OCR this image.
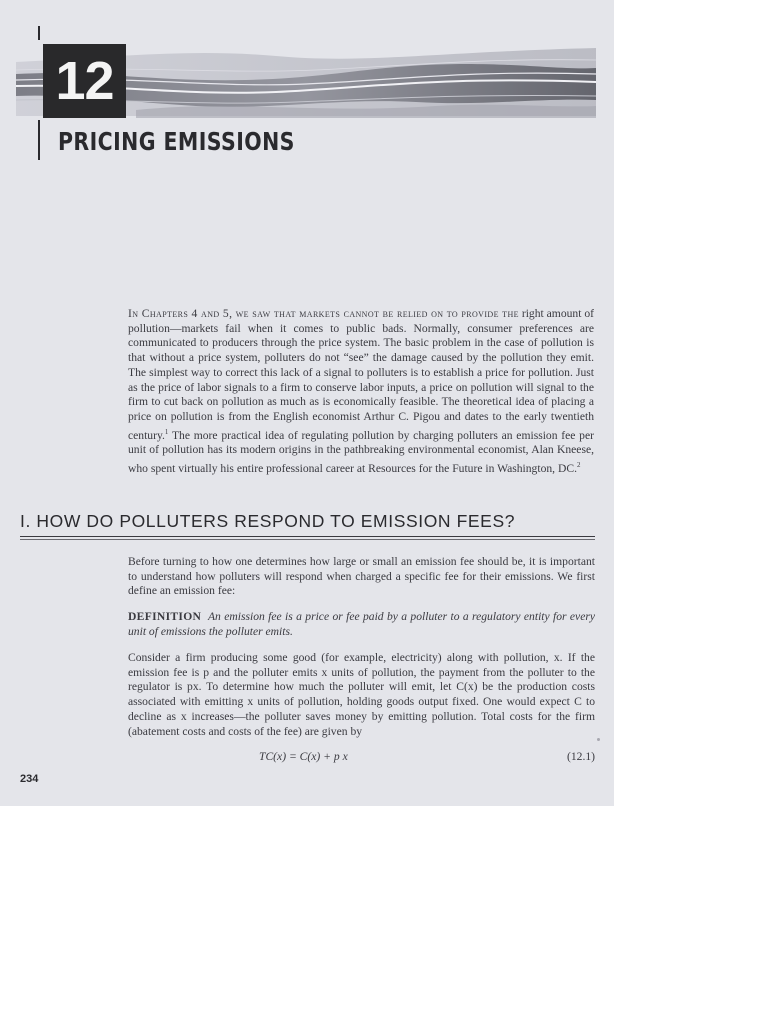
12
PRICING EMISSIONS

In Chapters 4 and 5, we saw that markets cannot be relied on to provide the right amount of pollution—markets fail when it comes to public bads. Normally, consumer preferences are communicated to producers through the price system. The basic problem in the case of pollution is that without a price system, polluters do not “see” the damage caused by the pollution they emit. The simplest way to correct this lack of a signal to polluters is to establish a price for pollution. Just as the price of labor signals to a firm to conserve labor inputs, a price on pollution will signal to the firm to cut back on pollution as much as is economically feasible. The theoretical idea of placing a price on pollution is from the English economist Arthur C. Pigou and dates to the early twentieth century.$^1$ The more practical idea of regulating pollution by charging polluters an emission fee per unit of pollution has its modern origins in the pathbreaking environmental economist, Alan Kneese, who spent virtually his entire professional career at Resources for the Future in Washington, DC.$^2$

I. HOW DO POLLUTERS RESPOND TO EMISSION FEES?

Before turning to how one determines how large or small an emission fee should be, it is important to understand how polluters will respond when charged a specific fee for their emissions. We first define an emission fee:

DEFINITION An emission fee is a price or fee paid by a polluter to a regulatory entity for every unit of emissions the polluter emits.

Consider a firm producing some good (for example, electricity) along with pollution, x. If the emission fee is p and the polluter emits x units of pollution, the payment from the polluter to the regulator is px. To determine how much the polluter will emit, let C(x) be the production costs associated with emitting x units of pollution, holding goods output fixed. One would expect C to decline as x increases—the polluter saves money by emitting pollution. Total costs for the firm (abatement costs and costs of the fee) are given by

TC(x) = C(x) + p x	(12.1)
234
